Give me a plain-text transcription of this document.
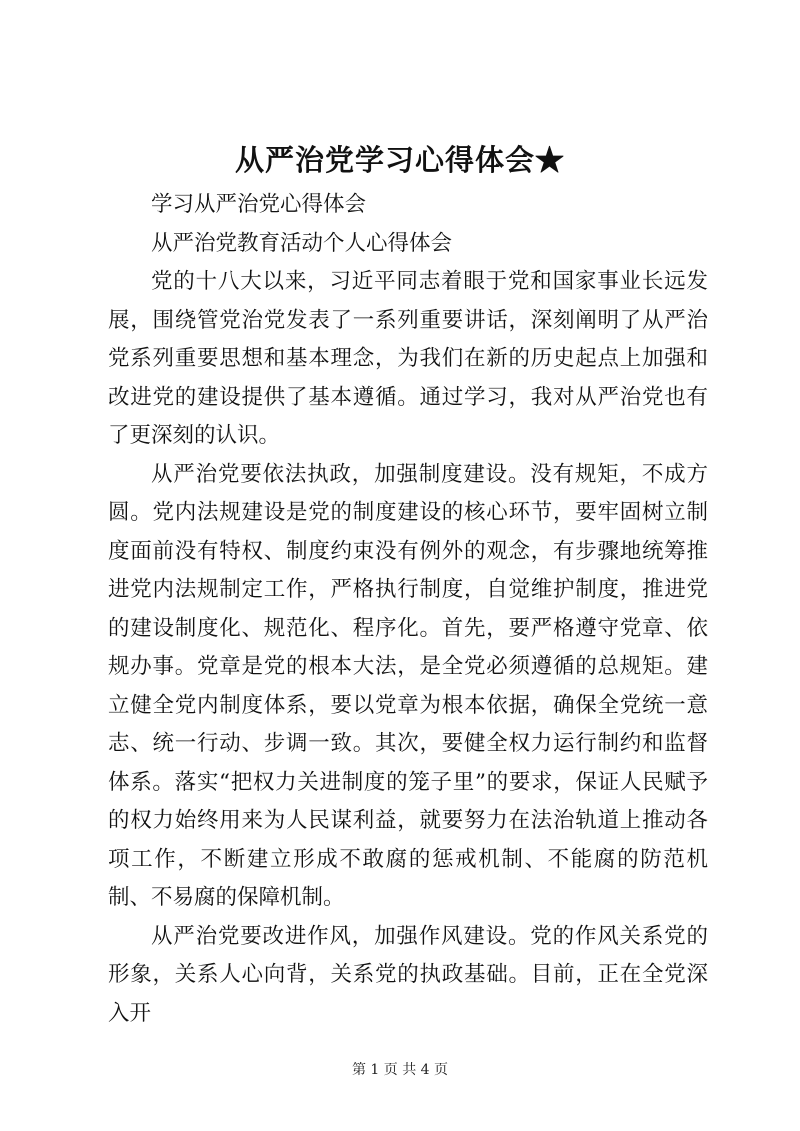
从严治党学习心得体会★

学习从严治党心得体会

从严治党教育活动个人心得体会

党的十八大以来，习近平同志着眼于党和国家事业长远发展，围绕管党治党发表了一系列重要讲话，深刻阐明了从严治党系列重要思想和基本理念，为我们在新的历史起点上加强和改进党的建设提供了基本遵循。通过学习，我对从严治党也有了更深刻的认识。

从严治党要依法执政，加强制度建设。没有规矩，不成方圆。党内法规建设是党的制度建设的核心环节，要牢固树立制度面前没有特权、制度约束没有例外的观念，有步骤地统筹推进党内法规制定工作，严格执行制度，自觉维护制度，推进党的建设制度化、规范化、程序化。首先，要严格遵守党章、依规办事。党章是党的根本大法，是全党必须遵循的总规矩。建立健全党内制度体系，要以党章为根本依据，确保全党统一意志、统一行动、步调一致。其次，要健全权力运行制约和监督体系。落实“把权力关进制度的笼子里”的要求，保证人民赋予的权力始终用来为人民谋利益，就要努力在法治轨道上推动各项工作，不断建立形成不敢腐的惩戒机制、不能腐的防范机制、不易腐的保障机制。

从严治党要改进作风，加强作风建设。党的作风关系党的形象，关系人心向背，关系党的执政基础。目前，正在全党深入开

第 1 页 共 4 页
